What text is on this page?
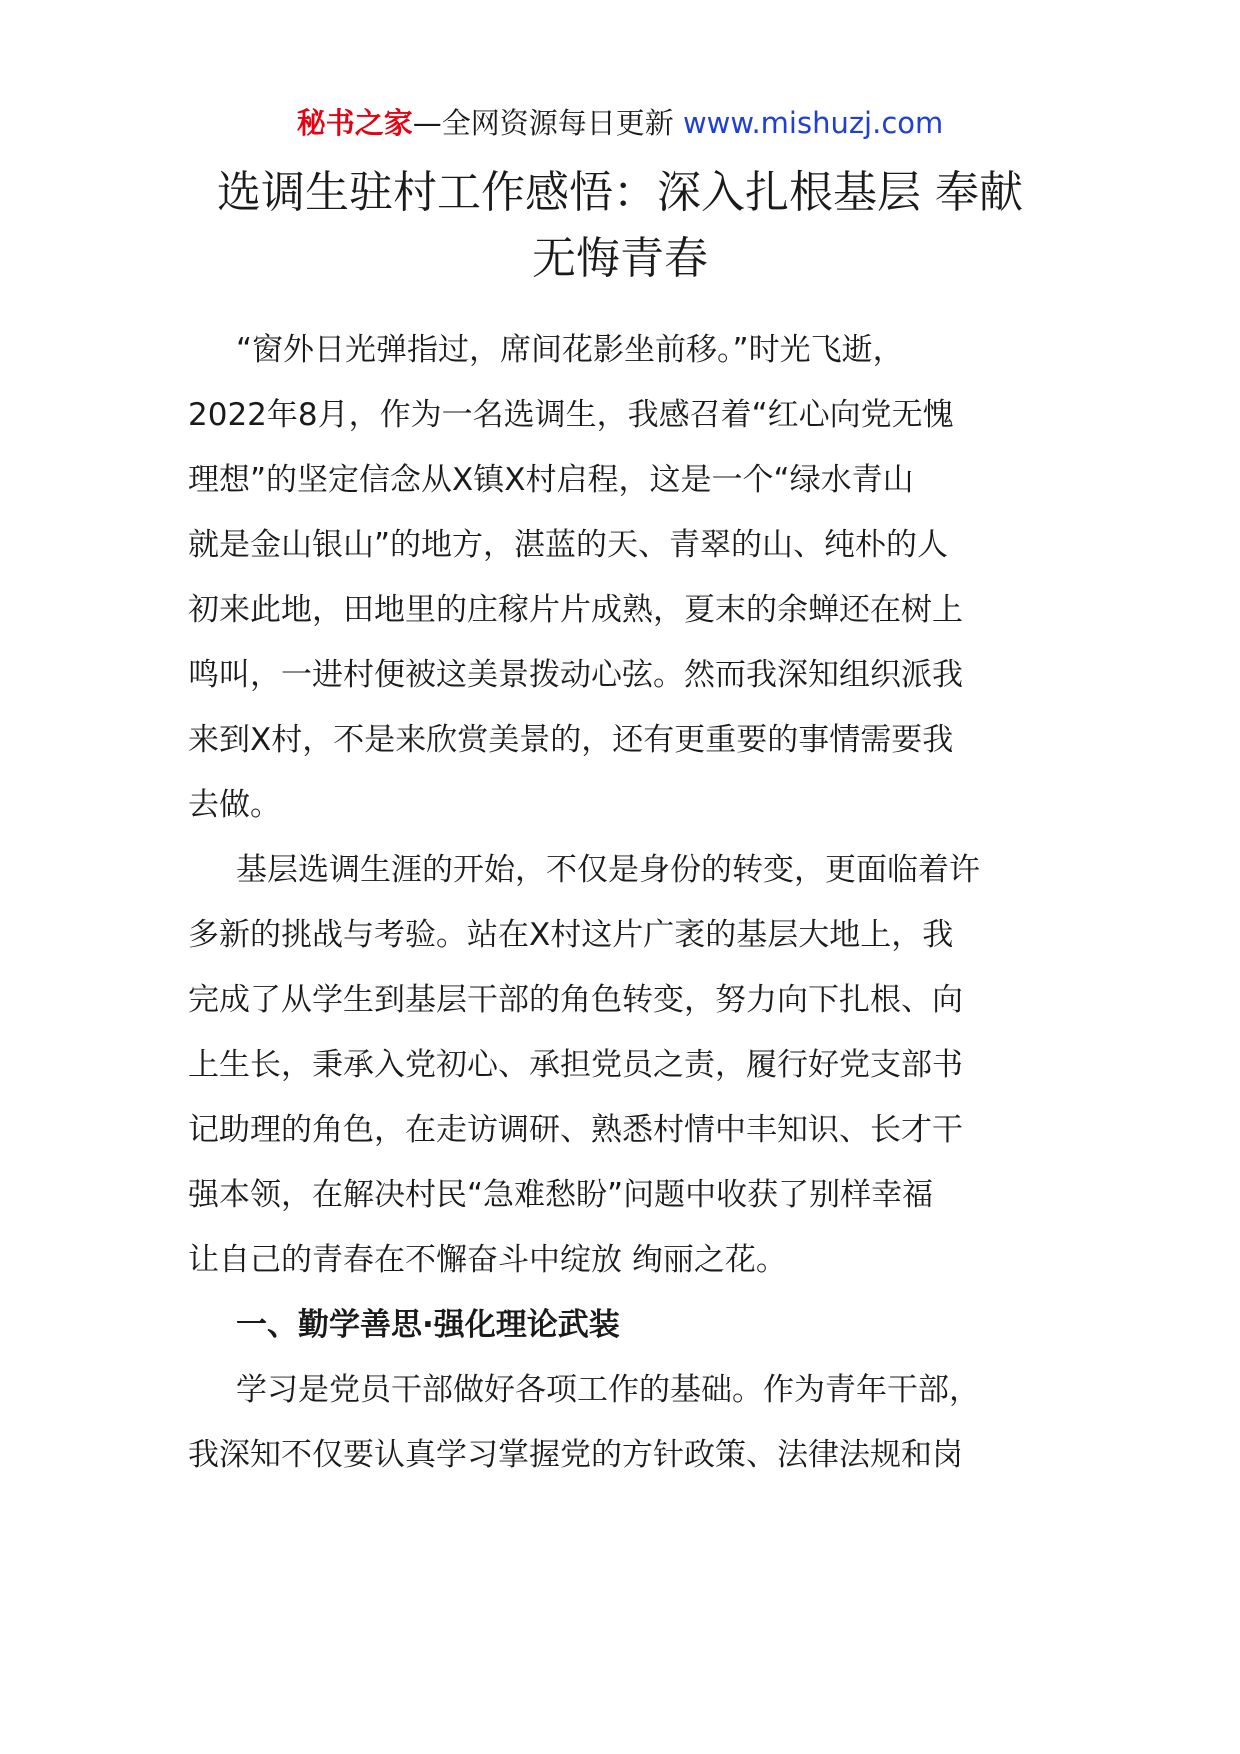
秘书之家—全网资源每日更新 www.mishuzj.com
选调生驻村工作感悟：深入扎根基层 奉献
无悔青春
“窗外日光弹指过，席间花影坐前移。”时光飞逝，
2022年8月，作为一名选调生，我感召着“红心向党无愧
理想”的坚定信念从X镇X村启程，这是一个“绿水青山
就是金山银山”的地方，湛蓝的天、青翠的山、纯朴的人
初来此地，田地里的庄稼片片成熟，夏末的余蝉还在树上
鸣叫，一进村便被这美景拨动心弦。然而我深知组织派我
来到X村，不是来欣赏美景的，还有更重要的事情需要我
去做。
基层选调生涯的开始，不仅是身份的转变，更面临着许
多新的挑战与考验。站在X村这片广袤的基层大地上，我
完成了从学生到基层干部的角色转变，努力向下扎根、向
上生长，秉承入党初心、承担党员之责，履行好党支部书
记助理的角色，在走访调研、熟悉村情中丰知识、长才干
强本领，在解决村民“急难愁盼”问题中收获了别样幸福
让自己的青春在不懈奋斗中绽放 绚丽之花。
一、勤学善思·强化理论武装
学习是党员干部做好各项工作的基础。作为青年干部，
我深知不仅要认真学习掌握党的方针政策、法律法规和岗
